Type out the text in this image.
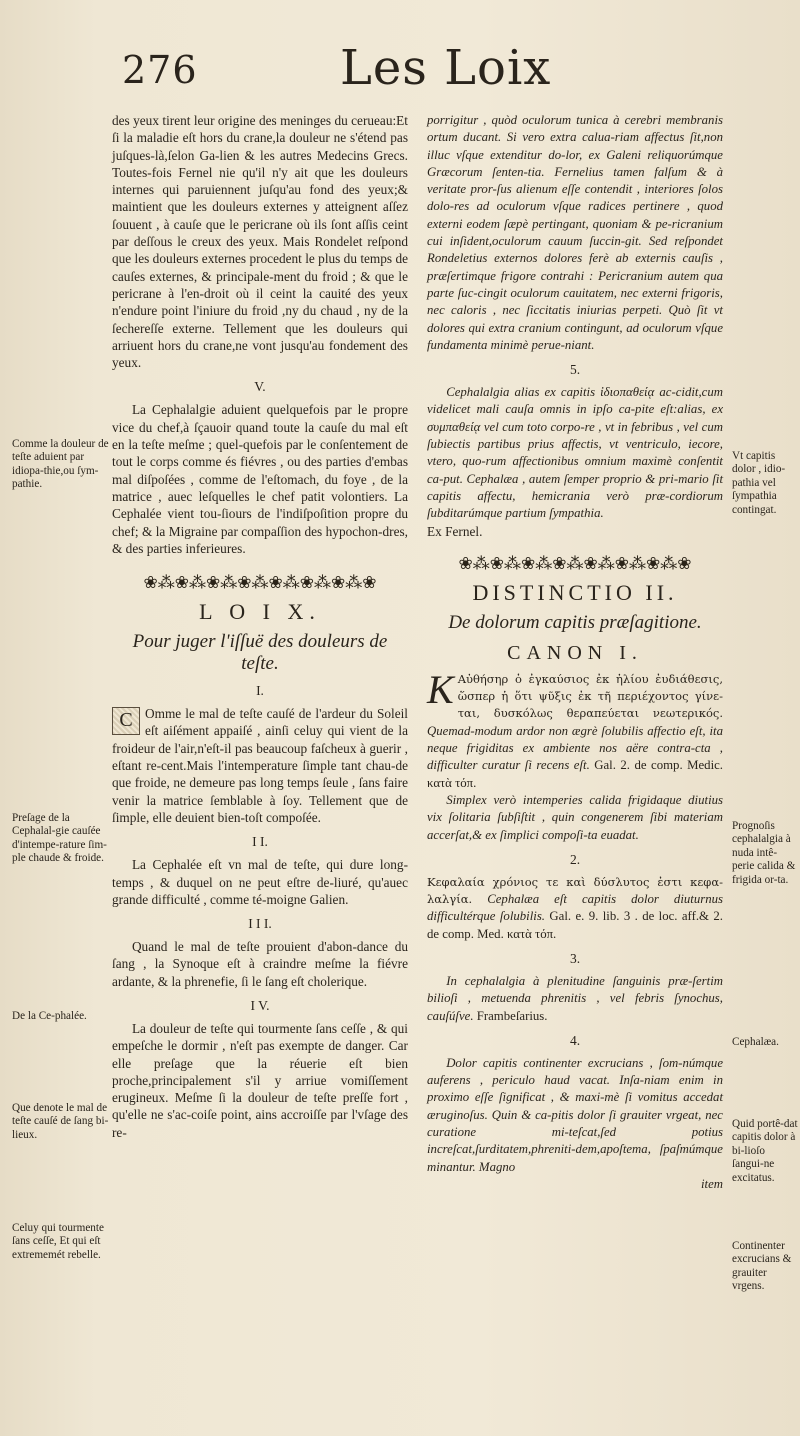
276	Les Loix

des yeux tirent leur origine des meninges du cerueau:Et ſi la maladie eſt hors du crane,la douleur ne s'étend pas juſques-là,ſelon Ga-lien & les autres Medecins Grecs. Toutes-fois Fernel nie qu'il n'y ait que les douleurs internes qui paruiennent juſqu'au fond des yeux;& maintient que les douleurs externes y atteignent aſſez ſouuent , à cauſe que le pericrane où ils ſont aſſis ceint par deſſous le creux des yeux. Mais Rondelet reſpond que les douleurs externes procedent le plus du temps de cauſes externes, & principale-ment du froid ; & que le pericrane à l'en-droit où il ceint la cauité des yeux n'endure point l'iniure du froid ,ny du chaud , ny de la ſechereſſe externe. Tellement que les douleurs qui arriuent hors du crane,ne vont jusqu'au fondement des yeux.

V.

La Cephalalgie aduient quelquefois par le propre vice du chef,à ſçauoir quand toute la cauſe du mal eſt en la teſte meſme ; quel-quefois par le conſentement de tout le corps comme és fiévres , ou des parties d'embas mal diſpoſées , comme de l'eſtomach, du foye , de la matrice , auec leſquelles le chef patit volontiers. La Cephalée vient tou-ſiours de l'indiſpoſition propre du chef; & la Migraine par compaſſion des hypochon-dres, & des parties inferieures.

❀⁂❀⁂❀⁂❀⁂❀⁂❀⁂❀⁂❀
L O I X.
Pour juger l'iſſuë des douleurs de teſte.
I.

C Omme le mal de teſte cauſé de l'ardeur du Soleil eſt aiſément appaiſé , ainſi celuy qui vient de la froideur de l'air,n'eſt-il pas beaucoup faſcheux à guerir , eſtant re-cent.Mais l'intemperature ſimple tant chau-de que froide, ne demeure pas long temps ſeule , ſans faire venir la matrice ſemblable à ſoy. Tellement que de ſimple, elle deuient bien-toſt compoſée.

I I.

La Cephalée eſt vn mal de teſte, qui dure long-temps , & duquel on ne peut eſtre de-liuré, qu'auec grande difficulté , comme té-moigne Galien.

I I I.

Quand le mal de teſte prouient d'abon-dance du ſang , la Synoque eſt à craindre meſme la fiévre ardante, & la phrenefie, ſi le ſang eſt cholerique.

I V.

La douleur de teſte qui tourmente ſans ceſſe , & qui empeſche le dormir , n'eſt pas exempte de danger. Car elle preſage que la réuerie eſt bien proche,principalement s'il y arriue vomiſſement erugineux. Meſme ſi la douleur de teſte preſſe fort , qu'elle ne s'ac-coiſe point, ains accroiſſe par l'vſage des re-

Comme la douleur de teſte aduient par idiopa-thie,ou ſym-pathie.
Preſage de la Cephalal-gie cauſée d'intempe-rature ſim-ple chaude & froide.
De la Ce-phalée.
Que denote le mal de teſte cauſé de ſang bi-lieux.
Celuy qui tourmente ſans ceſſe, Et qui eſt extrememét rebelle.

porrigitur , quòd oculorum tunica à cerebri membranis ortum ducant. Si vero extra calua-riam affectus ſit,non illuc vſque extenditur do-lor, ex Galeni reliquorúmque Græcorum ſenten-tia. Fernelius tamen falſum & à veritate pror-ſus alienum eſſe contendit , interiores ſolos dolo-res ad oculorum vſque radices pertinere , quod externi eodem ſæpè pertingant, quoniam & pe-ricranium cui inſident,oculorum cauum ſuccin-git. Sed reſpondet Rondeletius externos dolores ferè ab externis cauſis , præſertimque frigore contrahi : Pericranium autem qua parte ſuc-cingit oculorum cauitatem, nec externi frigoris, nec caloris , nec ſiccitatis iniurias perpeti. Quò ſit vt dolores qui extra cranium contingunt, ad oculorum vſque fundamenta minimè perue-niant.

5.

Cephalalgia alias ex capitis ἰδιοπαθείᾳ ac-cidit,cum videlicet mali cauſa omnis in ipſo ca-pite eſt:alias, ex συμπαθείᾳ vel cum toto corpo-re , vt in febribus , vel cum ſubiectis partibus prius affectis, vt ventriculo, iecore, vtero, quo-rum affectionibus omnium maximè conſentit ca-put. Cephalæa , autem ſemper proprio & pri-mario ſit capitis affectu, hemicrania verò præ-cordiorum ſubditarúmque partium ſympathia.

Ex Fernel.

❀⁂❀⁂❀⁂❀⁂❀⁂❀⁂❀⁂❀
DISTINCTIO II.
De dolorum capitis præſagitione.
CANON I.

K Αὐθήσηρ ὁ ἐγκαύσιος ἐκ ἡλίου ἐυδιάθεσις, ὥσπερ ἡ ὅτι ψῦξις ἐκ τῆ περιέχοντος γίνε-ται, δυσκόλως θεραπεύεται νεωτερικός. Quemad-modum ardor non ægrè ſolubilis affectio eſt, ita neque frigiditas ex ambiente nos aëre contra-cta , difficulter curatur ſi recens eſt. Gal. 2. de comp. Medic. κατὰ τόπ.

Simplex verò intemperies calida frigidaque diutius vix ſolitaria ſubſiſtit , quin congenerem ſibi materiam accerſat,& ex ſimplici compoſi-ta euadat.

2.

Κεφαλαία χρόνιος τε καὶ δύσλυτος ἐστι κεφα-λαλγία. Cephalæa eſt capitis dolor diuturnus difficultérque ſolubilis. Gal. e. 9. lib. 3 . de loc. aff.& 2. de comp. Med. κατὰ τόπ.

3.

In cephalalgia à plenitudine ſanguinis præ-ſertim bilioſi , metuenda phrenitis , vel febris ſynochus, cauſúſve. Frambeſarius.

4.

Dolor capitis continenter excrucians , ſom-númque auferens , periculo haud vacat. Inſa-niam enim in proximo eſſe ſignificat , & maxi-mè ſi vomitus accedat æruginoſus. Quin & ca-pitis dolor ſi grauiter vrgeat, nec curatione mi-teſcat,ſed potius increſcat,ſurditatem,phreniti-dem,apoſtema, ſpaſmúmque minantur. Magno

item

Vt capitis dolor , idio-pathia vel ſympathia contingat.
Prognoſis cephalalgia à nuda intê-perie calida & frigida or-ta.
Cephalæa.
Quid portê-dat capitis dolor à bi-lioſo ſangui-ne excitatus.
Continenter excrucians & grauiter vrgens.
